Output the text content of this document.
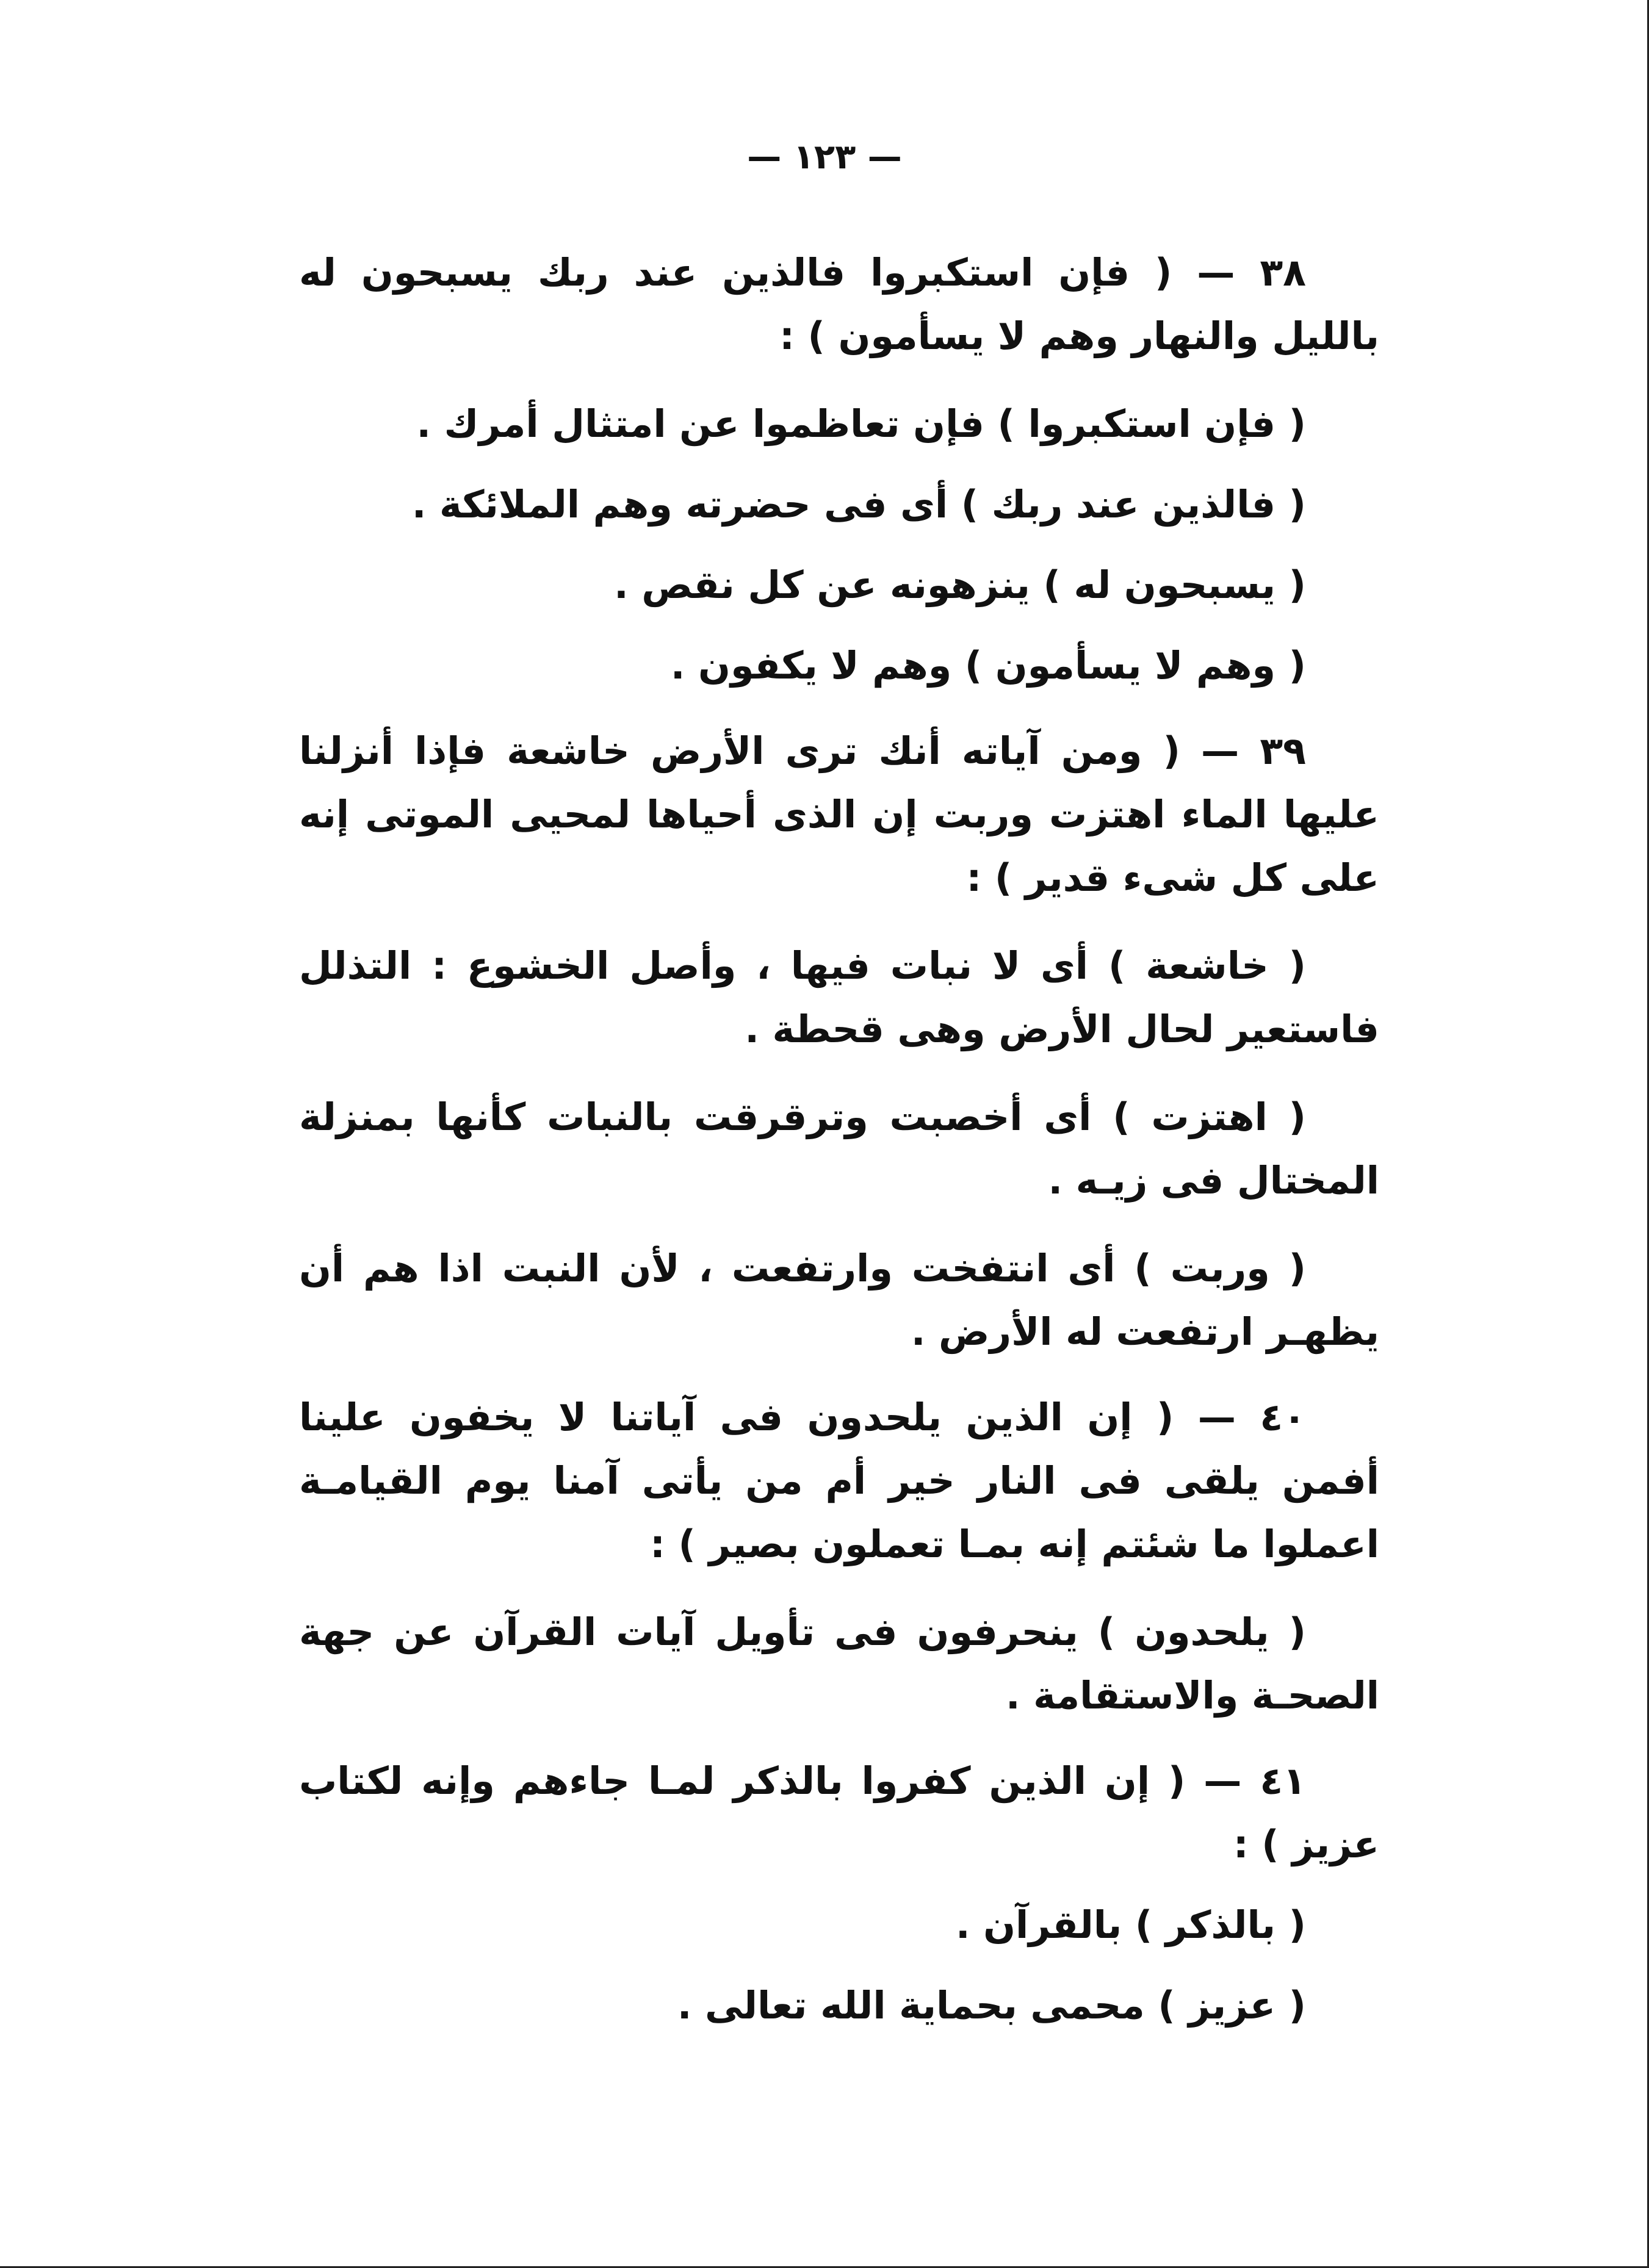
— ١٢٣ —

٣٨ — ( فإن استكبروا فالذين عند ربك يسبحون له بالليل والنهار وهم لا يسأمون ) :

( فإن استكبروا ) فإن تعاظموا عن امتثال أمرك .

( فالذين عند ربك ) أى فى حضرته وهم الملائكة .

( يسبحون له ) ينزهونه عن كل نقص .

( وهم لا يسأمون ) وهم لا يكفون .

٣٩ — ( ومن آياته أنك ترى الأرض خاشعة فإذا أنزلنا عليها الماء اهتزت وربت إن الذى أحياها لمحيى الموتى إنه على كل شىء قدير ) :

( خاشعة ) أى لا نبات فيها ، وأصل الخشوع : التذلل فاستعير لحال الأرض وهى قحطة .

( اهتزت ) أى أخصبت وترقرقت بالنبات كأنها بمنزلة المختال فى زيـه .

( وربت ) أى انتفخت وارتفعت ، لأن النبت اذا هم أن يظهـر ارتفعت له الأرض .

٤٠ — ( إن الذين يلحدون فى آياتنا لا يخفون علينا أفمن يلقى فى النار خير أم من يأتى آمنا يوم القيامـة اعملوا ما شئتم إنه بمـا تعملون بصير ) :

( يلحدون ) ينحرفون فى تأويل آيات القرآن عن جهة الصحـة والاستقامة .

٤١ — ( إن الذين كفروا بالذكر لمـا جاءهم وإنه لكتاب عزيز ) :

( بالذكر ) بالقرآن .

( عزيز ) محمى بحماية الله تعالى .
